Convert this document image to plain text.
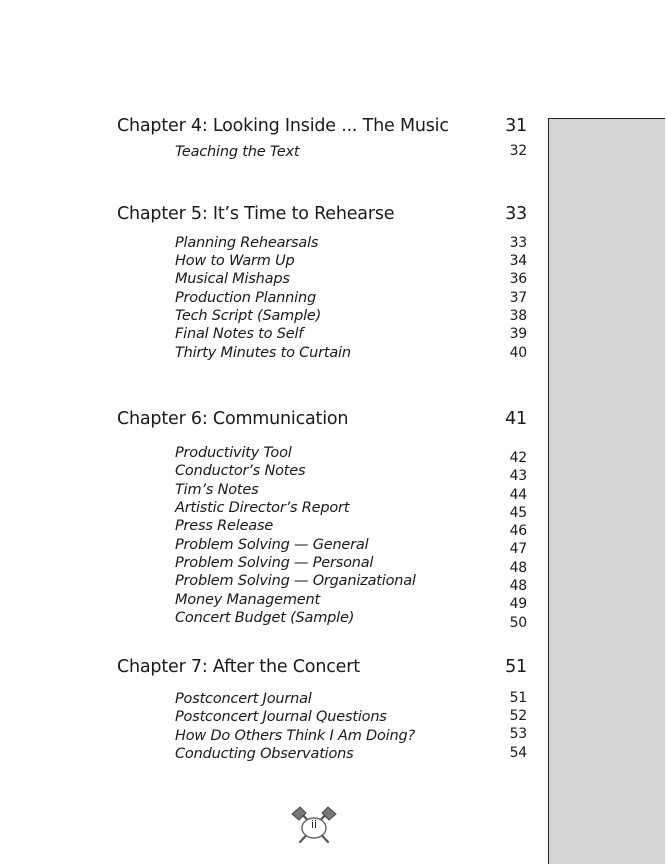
Chapter 4: Looking Inside ... The Music	31
Teaching the Text	32
Chapter 5: It’s Time to Rehearse	33
Planning Rehearsals	33
How to Warm Up	34
Musical Mishaps	36
Production Planning	37
Tech Script (Sample)	38
Final Notes to Self	39
Thirty Minutes to Curtain	40
Chapter 6: Communication	41
Productivity Tool	42
Conductor’s Notes	43
Tim’s Notes	44
Artistic Director’s Report	45
Press Release	46
Problem Solving — General	47
Problem Solving — Personal	48
Problem Solving — Organizational	48
Money Management	49
Concert Budget (Sample)	50
Chapter 7: After the Concert	51
Postconcert Journal	51
Postconcert Journal Questions	52
How Do Others Think I Am Doing?	53
Conducting Observations	54
ii
